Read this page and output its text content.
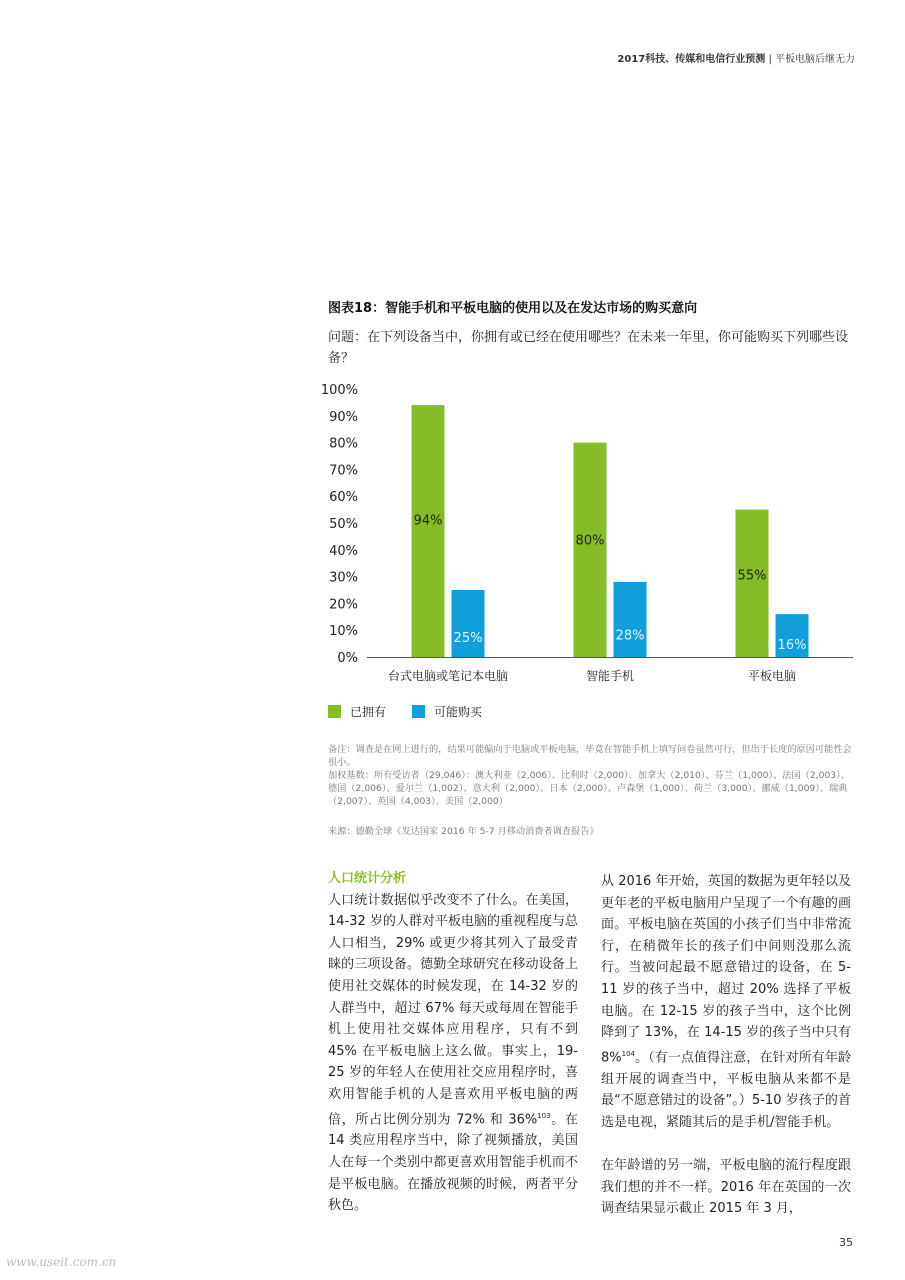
2017科技、传媒和电信行业预测 | 平板电脑后继无力
图表18：智能手机和平板电脑的使用以及在发达市场的购买意向
问题：在下列设备当中，你拥有或已经在使用哪些？在未来一年里，你可能购买下列哪些设备？
0%
10%
20%
30%
40%
50%
60%
70%
80%
90%
100%
台式电脑或笔记本电脑
94%
25%
智能手机
80%
28%
平板电脑
55%
16%
已拥有	可能购买

备注：调查是在网上进行的，结果可能偏向于电脑或平板电脑，毕竟在智能手机上填写问卷虽然可行，但出于长度的原因可能性会很小。

加权基数：所有受访者（29,046）：澳大利亚（2,006）、比利时（2,000）、加拿大（2,010）、芬兰（1,000）、法国（2,003）、德国（2,006）、爱尔兰（1,002）、意大利（2,000）、日本（2,000）、卢森堡（1,000）、荷兰（3,000）、挪威（1,009）、瑞典（2,007）、英国（4,003）、美国（2,000）

来源：德勤全球《发达国家 2016 年 5-7 月移动消费者调查报告》
人口统计分析

人口统计数据似乎改变不了什么。在美国，14-32 岁的人群对平板电脑的重视程度与总人口相当，29% 或更少将其列入了最受青睐的三项设备。德勤全球研究在移动设备上使用社交媒体的时候发现，在 14-32 岁的人群当中，超过 67% 每天或每周在智能手机上使用社交媒体应用程序，只有不到 45% 在平板电脑上这么做。事实上，19-25 岁的年轻人在使用社交应用程序时，喜欢用智能手机的人是喜欢用平板电脑的两倍，所占比例分别为 72% 和 36%$^{103}$。在 14 类应用程序当中，除了视频播放，美国人在每一个类别中都更喜欢用智能手机而不是平板电脑。在播放视频的时候，两者平分秋色。

从 2016 年开始，英国的数据为更年轻以及更年老的平板电脑用户呈现了一个有趣的画面。平板电脑在英国的小孩子们当中非常流行，在稍微年长的孩子们中间则没那么流行。当被问起最不愿意错过的设备，在 5-11 岁的孩子当中，超过 20% 选择了平板电脑。在 12-15 岁的孩子当中，这个比例降到了 13%，在 14-15 岁的孩子当中只有 8%$^{104}$。（有一点值得注意，在针对所有年龄组开展的调查当中，平板电脑从来都不是最“不愿意错过的设备”。）5-10 岁孩子的首选是电视，紧随其后的是手机/智能手机。

在年龄谱的另一端，平板电脑的流行程度跟我们想的并不一样。2016 年在英国的一次调查结果显示截止 2015 年 3 月，

35
www.useit.com.cn
